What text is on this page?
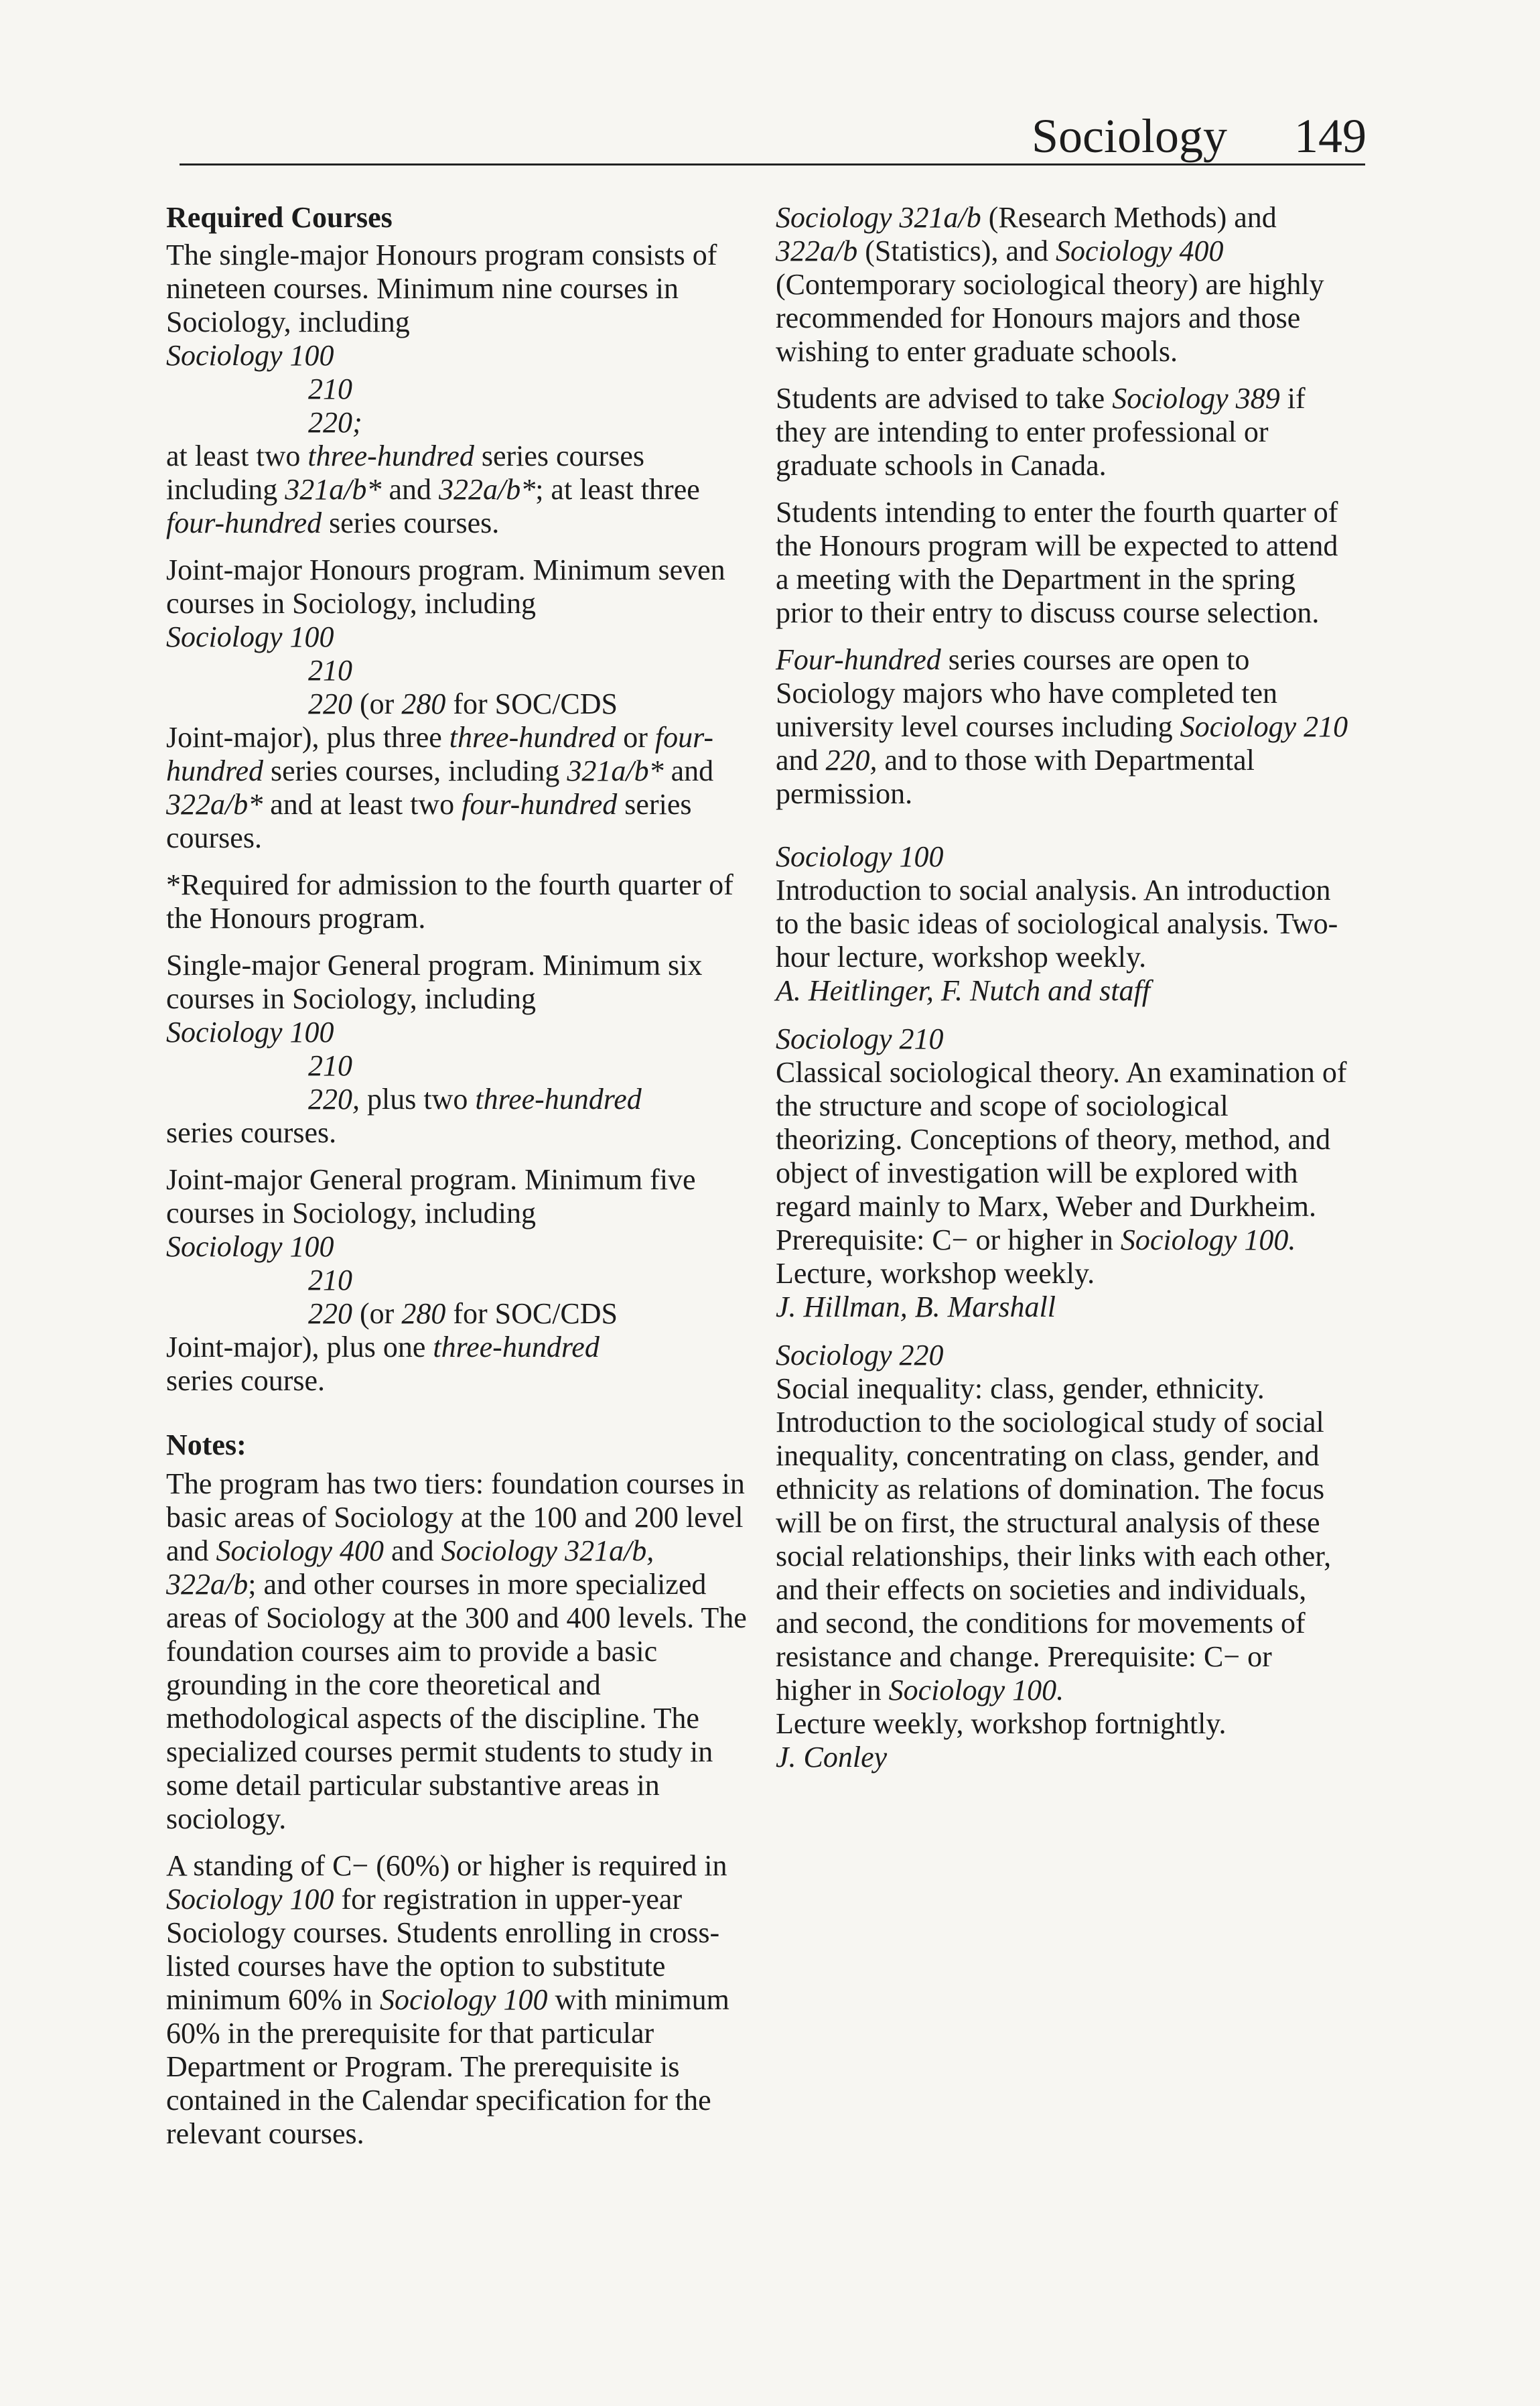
Sociology 149
Required Courses

The single-major Honours program consists of nineteen courses. Minimum nine courses in Sociology, including
Sociology 100
210
220;
at least two three-hundred series courses including 321a/b* and 322a/b*; at least three four-hundred series courses.

Joint-major Honours program. Minimum seven courses in Sociology, including
Sociology 100
210
220 (or 280 for SOC/CDS
Joint-major), plus three three-hundred or four-hundred series courses, including 321a/b* and 322a/b* and at least two four-hundred series courses.

*Required for admission to the fourth quarter of the Honours program.

Single-major General program. Minimum six courses in Sociology, including
Sociology 100
210
220, plus two three-hundred
series courses.

Joint-major General program. Minimum five courses in Sociology, including
Sociology 100
210
220 (or 280 for SOC/CDS
Joint-major), plus one three-hundred
series course.

Notes:

The program has two tiers: foundation courses in basic areas of Sociology at the 100 and 200 level and Sociology 400 and Sociology 321a/b, 322a/b; and other courses in more specialized areas of Sociology at the 300 and 400 levels. The foundation courses aim to provide a basic grounding in the core theoretical and methodological aspects of the discipline. The specialized courses permit students to study in some detail particular substantive areas in sociology.

A standing of C− (60%) or higher is required in Sociology 100 for registration in upper-year Sociology courses. Students enrolling in cross-listed courses have the option to substitute minimum 60% in Sociology 100 with minimum 60% in the prerequisite for that particular Department or Program. The prerequisite is contained in the Calendar specification for the relevant courses.

Sociology 321a/b (Research Methods) and 322a/b (Statistics), and Sociology 400 (Contemporary sociological theory) are highly recommended for Honours majors and those wishing to enter graduate schools.

Students are advised to take Sociology 389 if they are intending to enter professional or graduate schools in Canada.

Students intending to enter the fourth quarter of the Honours program will be expected to attend a meeting with the Department in the spring prior to their entry to discuss course selection.

Four-hundred series courses are open to Sociology majors who have completed ten university level courses including Sociology 210 and 220, and to those with Departmental permission.

Sociology 100
Introduction to social analysis. An introduction to the basic ideas of sociological analysis. Two-hour lecture, workshop weekly.
A. Heitlinger, F. Nutch and staff
Sociology 210
Classical sociological theory. An examination of the structure and scope of sociological theorizing. Conceptions of theory, method, and object of investigation will be explored with regard mainly to Marx, Weber and Durkheim. Prerequisite: C− or higher in Sociology 100.
Lecture, workshop weekly.
J. Hillman, B. Marshall
Sociology 220
Social inequality: class, gender, ethnicity. Introduction to the sociological study of social inequality, concentrating on class, gender, and ethnicity as relations of domination. The focus will be on first, the structural analysis of these social relationships, their links with each other, and their effects on societies and individuals, and second, the conditions for movements of resistance and change. Prerequisite: C− or higher in Sociology 100.
Lecture weekly, workshop fortnightly.
J. Conley
